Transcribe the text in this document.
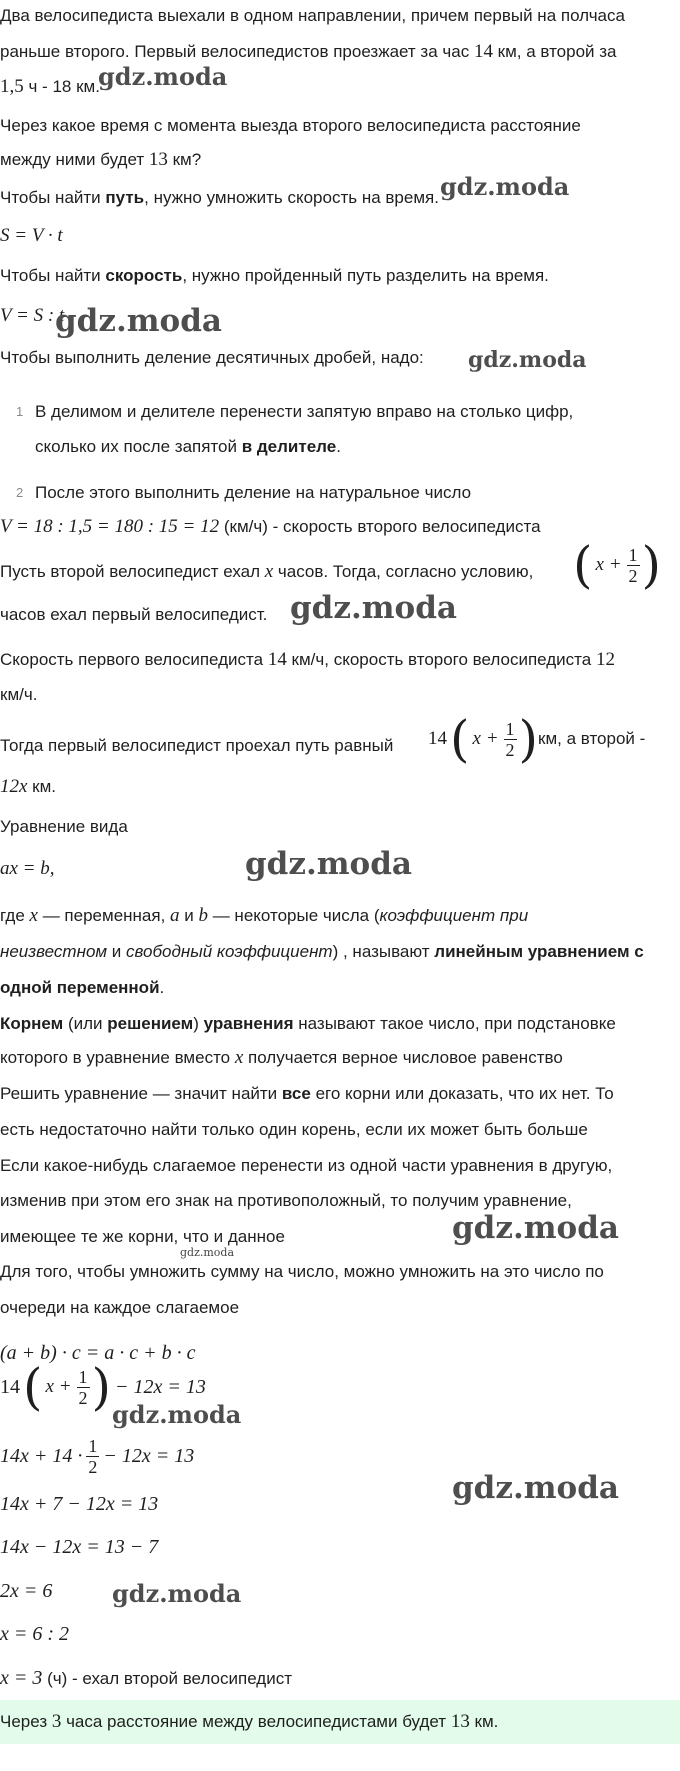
Два велосипедиста выехали в одном направлении, причем первый на полчаса
раньше второго. Первый велосипедистов проезжает за час 14 км, а второй за
1,5 ч - 18 км.
gdz.moda
Через какое время с момента выезда второго велосипедиста расстояние
между ними будет 13 км?
Чтобы найти путь, нужно умножить скорость на время. gdz.moda
S = V · t
Чтобы найти скорость, нужно пройденный путь разделить на время.
V = S : t
gdz.moda
Чтобы выполнить деление десятичных дробей, надо: gdz.moda
1 В делимом и делителе перенести запятую вправо на столько цифр,
сколько их после запятой в делителе.
2 После этого выполнить деление на натуральное число
V = 18 : 1,5 = 180 : 15 = 12 (км/ч) - скорость второго велосипедиста
Пусть второй велосипедист ехал x часов. Тогда, согласно условию, ( $x + \frac{1}{2}$ )
часов ехал первый велосипедист. gdz.moda
Скорость первого велосипедиста 14 км/ч, скорость второго велосипедиста 12
км/ч.
Тогда первый велосипедист проехал путь равный 14 ( $x + \frac{1}{2}$ ) км, а второй -
12x км.
Уравнение вида
ax = b,	gdz.moda
где x — переменная, a и b — некоторые числа (коэффициент при
неизвестном и свободный коэффициент) , называют линейным уравнением с
одной переменной.
Корнем (или решением) уравнения называют такое число, при подстановке
которого в уравнение вместо x получается верное числовое равенство
Решить уравнение — значит найти все его корни или доказать, что их нет. То
есть недостаточно найти только один корень, если их может быть больше
Если какое-нибудь слагаемое перенести из одной части уравнения в другую,
изменив при этом его знак на противоположный, то получим уравнение,
имеющее те же корни, что и данное	gdz.moda
gdz.moda
Для того, чтобы умножить сумму на число, можно умножить на это число по
очереди на каждое слагаемое
(a + b) · c = a · c + b · c
14 ( $x + \frac{1}{2}$ ) − 12x = 13
gdz.moda
$14x + 14 \cdot \frac{1}{2} - 12x = 13$
14x + 7 − 12x = 13	gdz.moda
14x − 12x = 13 − 7
2x = 6 gdz.moda
x = 6 : 2
x = 3 (ч) - ехал второй велосипедист
Через 3 часа расстояние между велосипедистами будет 13 км.
